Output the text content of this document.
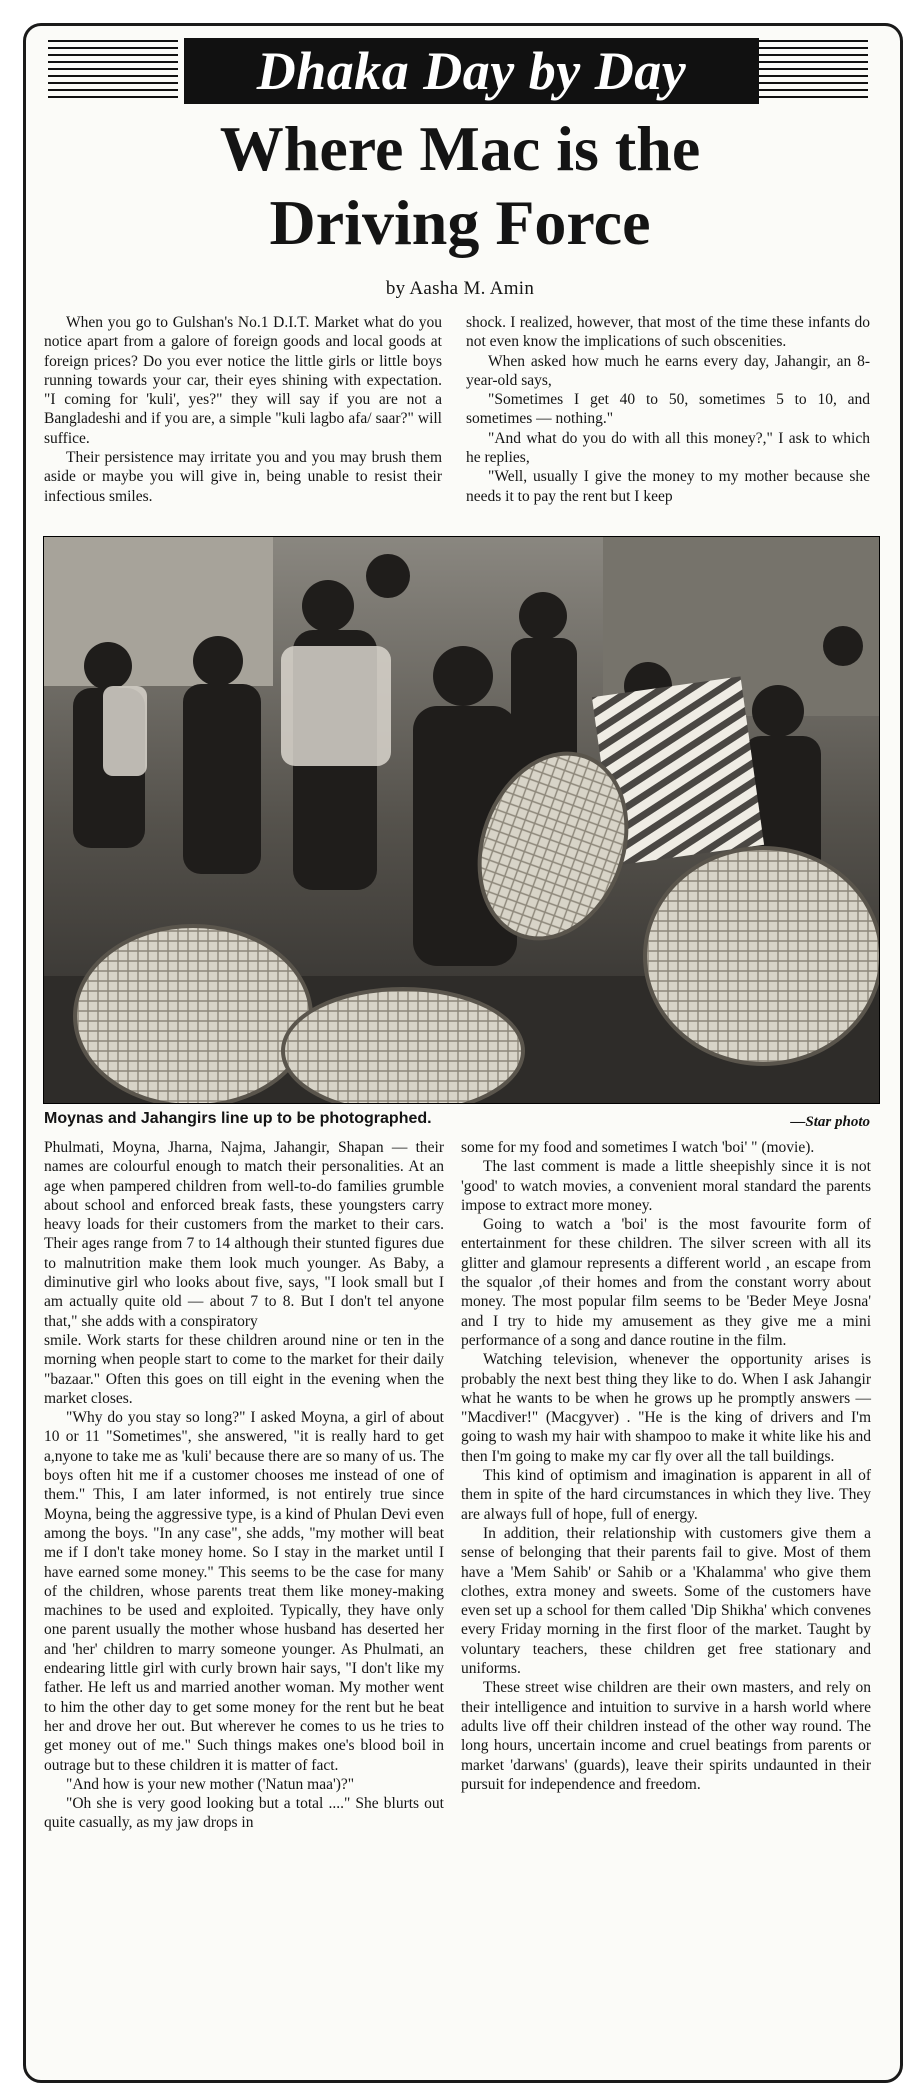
Dhaka Day by Day
Where Mac is the
Driving Force
by Aasha M. Amin

When you go to Gulshan's No.1 D.I.T. Market what do you notice apart from a galore of foreign goods and local goods at foreign prices? Do you ever notice the little girls or little boys running towards your car, their eyes shining with expectation. "I coming for 'kuli', yes?" they will say if you are not a Bangladeshi and if you are, a simple "kuli lagbo afa/ saar?" will suffice.

Their persistence may irritate you and you may brush them aside or maybe you will give in, being unable to resist their infectious smiles.

shock. I realized, however, that most of the time these infants do not even know the implications of such obscenities.

When asked how much he earns every day, Jahangir, an 8-year-old says,

"Sometimes I get 40 to 50, sometimes 5 to 10, and sometimes — nothing."

"And what do you do with all this money?," I ask to which he replies,

"Well, usually I give the money to my mother because she needs it to pay the rent but I keep

Moynas and Jahangirs line up to be photographed.	—Star photo

Phulmati, Moyna, Jharna, Najma, Jahangir, Shapan — their names are colourful enough to match their personalities. At an age when pampered children from well-to-do families grumble about school and enforced break fasts, these youngsters carry heavy loads for their customers from the market to their cars. Their ages range from 7 to 14 although their stunted figures due to malnutrition make them look much younger. As Baby, a diminutive girl who looks about five, says, "I look small but I am actually quite old — about 7 to 8. But I don't tel anyone that," she adds with a conspiratory

smile. Work starts for these children around nine or ten in the morning when people start to come to the market for their daily "bazaar." Often this goes on till eight in the evening when the market closes.

"Why do you stay so long?" I asked Moyna, a girl of about 10 or 11 "Sometimes", she answered, "it is really hard to get a,nyone to take me as 'kuli' because there are so many of us. The boys often hit me if a customer chooses me instead of one of them." This, I am later informed, is not entirely true since Moyna, being the aggressive type, is a kind of Phulan Devi even among the boys. "In any case", she adds, "my mother will beat me if I don't take money home. So I stay in the market until I have earned some money." This seems to be the case for many of the children, whose parents treat them like money-making machines to be used and exploited. Typically, they have only one parent usually the mother whose husband has deserted her and 'her' children to marry someone younger. As Phulmati, an endearing little girl with curly brown hair says, "I don't like my father. He left us and married another woman. My mother went to him the other day to get some money for the rent but he beat her and drove her out. But wherever he comes to us he tries to get money out of me." Such things makes one's blood boil in outrage but to these children it is matter of fact.

"And how is your new mother ('Natun maa')?"

"Oh she is very good looking but a total ...." She blurts out quite casually, as my jaw drops in

some for my food and sometimes I watch 'boi' " (movie).

The last comment is made a little sheepishly since it is not 'good' to watch movies, a convenient moral standard the parents impose to extract more money.

Going to watch a 'boi' is the most favourite form of entertainment for these children. The silver screen with all its glitter and glamour represents a different world , an escape from the squalor ,of their homes and from the constant worry about money. The most popular film seems to be 'Beder Meye Josna' and I try to hide my amusement as they give me a mini performance of a song and dance routine in the film.

Watching television, whenever the opportunity arises is probably the next best thing they like to do. When I ask Jahangir what he wants to be when he grows up he promptly answers — "Macdiver!" (Macgyver) . "He is the king of drivers and I'm going to wash my hair with shampoo to make it white like his and then I'm going to make my car fly over all the tall buildings.

This kind of optimism and imagination is apparent in all of them in spite of the hard circumstances in which they live. They are always full of hope, full of energy.

In addition, their relationship with customers give them a sense of belonging that their parents fail to give. Most of them have a 'Mem Sahib' or Sahib or a 'Khalamma' who give them clothes, extra money and sweets. Some of the customers have even set up a school for them called 'Dip Shikha' which convenes every Friday morning in the first floor of the market. Taught by voluntary teachers, these children get free stationary and uniforms.

These street wise children are their own masters, and rely on their intelligence and intuition to survive in a harsh world where adults live off their children instead of the other way round. The long hours, uncertain income and cruel beatings from parents or market 'darwans' (guards), leave their spirits undaunted in their pursuit for independence and freedom.
